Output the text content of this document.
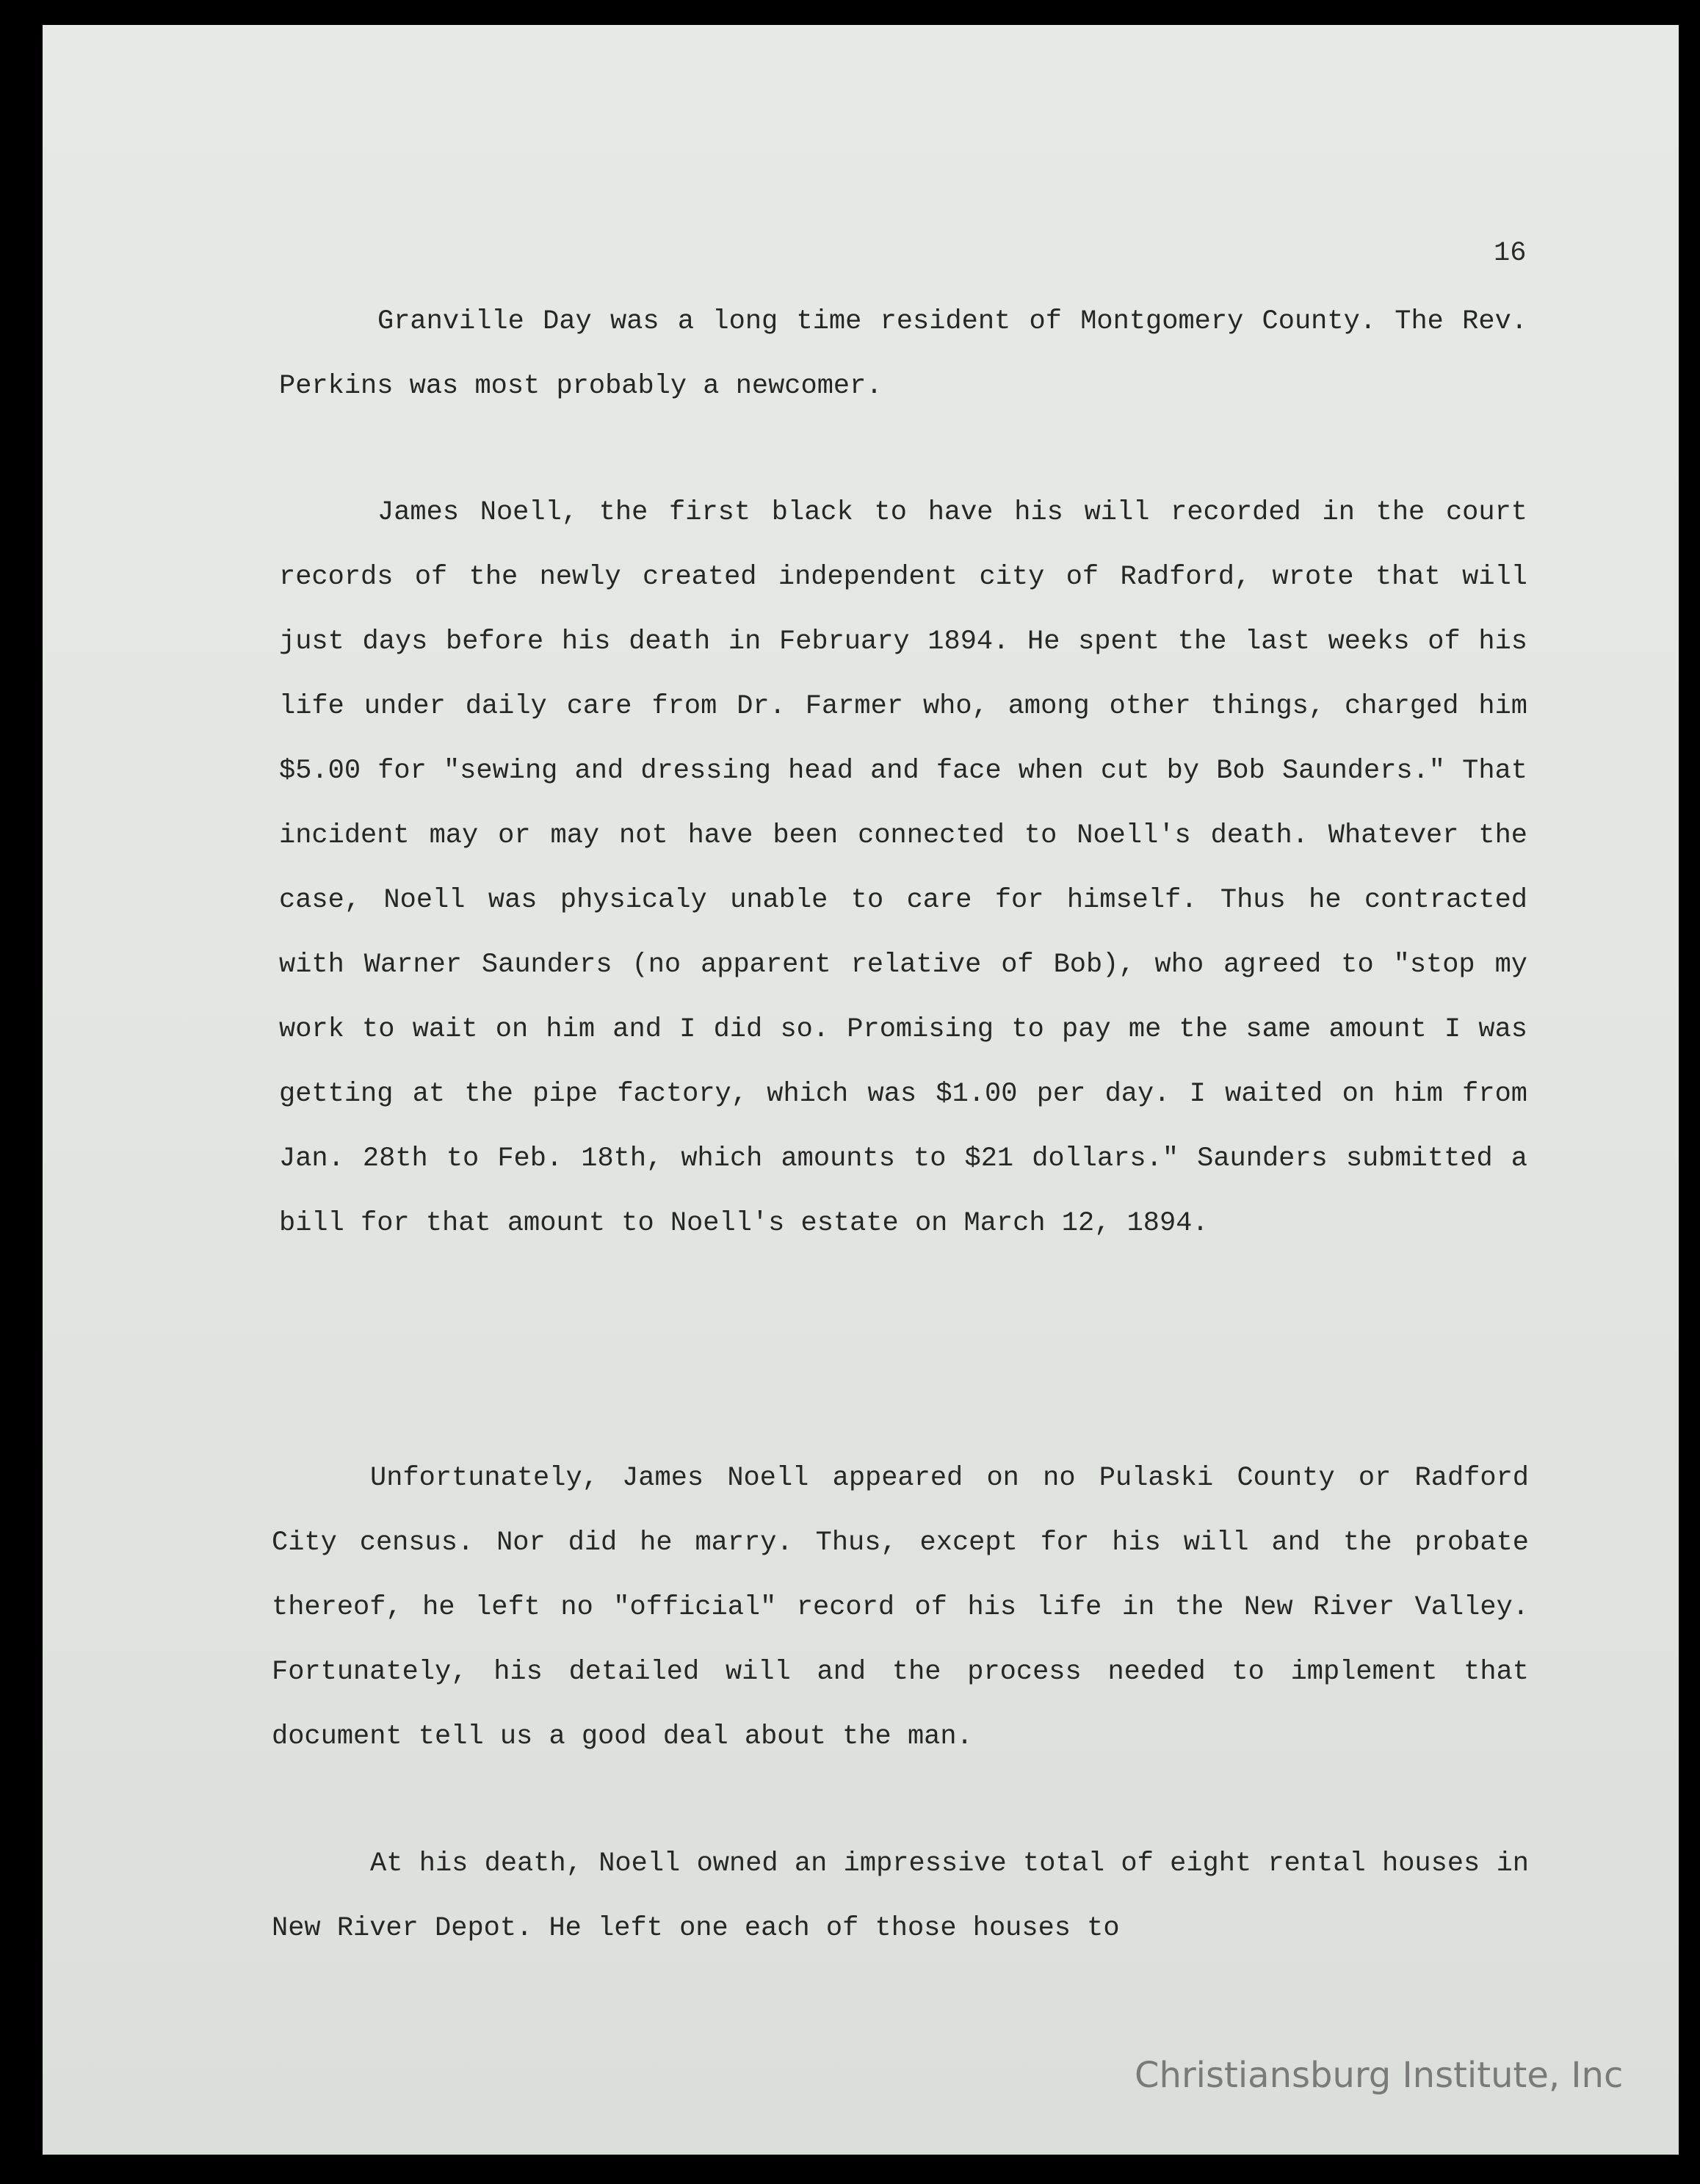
16

Granville Day was a long time resident of Montgomery County. The Rev. Perkins was most probably a newcomer.

James Noell, the first black to have his will recorded in the court records of the newly created independent city of Radford, wrote that will just days before his death in February 1894. He spent the last weeks of his life under daily care from Dr. Farmer who, among other things, charged him $5.00 for "sewing and dressing head and face when cut by Bob Saunders." That incident may or may not have been connected to Noell's death. Whatever the case, Noell was physicaly unable to care for himself. Thus he contracted with Warner Saunders (no apparent relative of Bob), who agreed to "stop my work to wait on him and I did so. Promising to pay me the same amount I was getting at the pipe factory, which was $1.00 per day. I waited on him from Jan. 28th to Feb. 18th, which amounts to $21 dollars." Saunders submitted a bill for that amount to Noell's estate on March 12, 1894.

Unfortunately, James Noell appeared on no Pulaski County or Radford City census. Nor did he marry. Thus, except for his will and the probate thereof, he left no "official" record of his life in the New River Valley. Fortunately, his detailed will and the process needed to implement that document tell us a good deal about the man.

At his death, Noell owned an impressive total of eight rental houses in New River Depot. He left one each of those houses to

Christiansburg Institute, Inc
